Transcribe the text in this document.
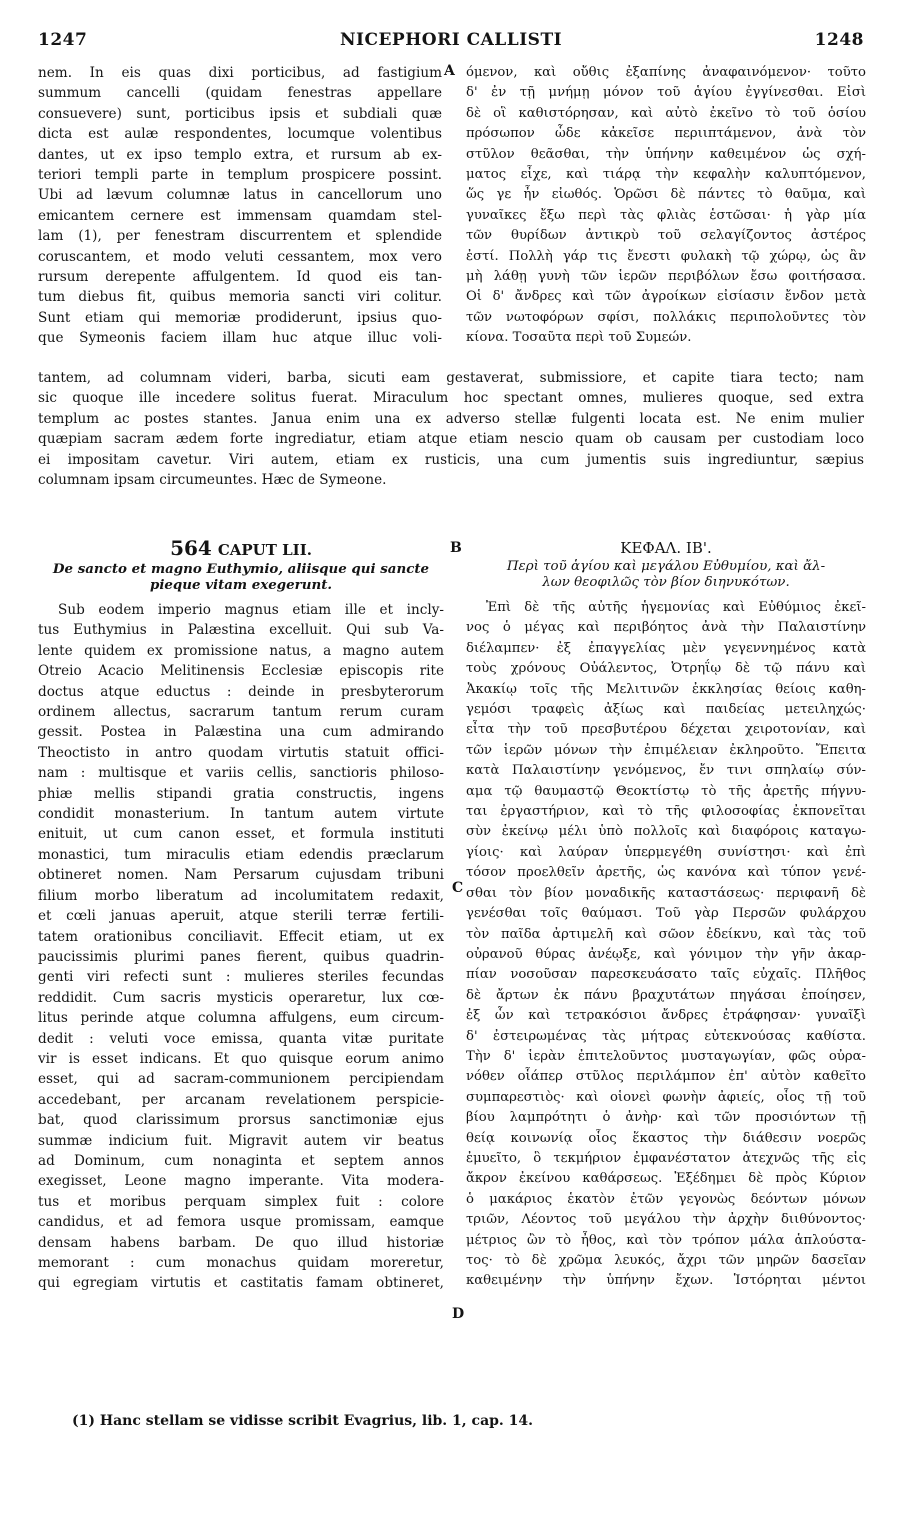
1247	NICEPHORI CALLISTI	1248
A
B
C
D
nem. In eis quas dixi porticibus, ad fastigium
summum cancelli (quidam fenestras appellare
consuevere) sunt, porticibus ipsis et subdiali quæ
dicta est aulæ respondentes, locumque volentibus
dantes, ut ex ipso templo extra, et rursum ab ex-
teriori templi parte in templum prospicere possint.
Ubi ad lævum columnæ latus in cancellorum uno
emicantem cernere est immensam quamdam stel-
lam (1), per fenestram discurrentem et splendide
coruscantem, et modo veluti cessantem, mox vero
rursum derepente affulgentem. Id quod eis tan-
tum diebus fit, quibus memoria sancti viri colitur.
Sunt etiam qui memoriæ prodiderunt, ipsius quo-
que Symeonis faciem illam huc atque illuc voli-
όμενον, καὶ οὔθις ἐξαπίνης ἀναφαινόμενον· τοῦτο
δ' ἐν τῇ μνήμῃ μόνον τοῦ ἁγίου ἐγγίνεσθαι. Εἰσὶ
δὲ οἳ καθιστόρησαν, καὶ αὐτὸ ἐκεῖνο τὸ τοῦ ὁσίου
πρόσωπον ὧδε κἀκεῖσε περιιπτάμενον, ἀνὰ τὸν
στῦλον θεᾶσθαι, τὴν ὑπήνην καθειμένον ὡς σχή-
ματος εἶχε, καὶ τιάρᾳ τὴν κεφαλὴν καλυπτόμενον,
ὥς γε ἦν εἰωθός. Ὁρῶσι δὲ πάντες τὸ θαῦμα, καὶ
γυναῖκες ἔξω περὶ τὰς φλιὰς ἑστῶσαι· ἡ γὰρ μία
τῶν θυρίδων ἀντικρὺ τοῦ σελαγίζοντος ἀστέρος
ἐστί. Πολλὴ γάρ τις ἔνεστι φυλακὴ τῷ χώρῳ, ὡς ἂν
μὴ λάθῃ γυνὴ τῶν ἱερῶν περιβόλων ἔσω φοιτήσασα.
Οἱ δ' ἄνδρες καὶ τῶν ἀγροίκων εἰσίασιν ἔνδον μετὰ
τῶν νωτοφόρων σφίσι, πολλάκις περιπολοῦντες τὸν
κίονα. Τοσαῦτα περὶ τοῦ Συμεών.
tantem, ad columnam videri, barba, sicuti eam gestaverat, submissiore, et capite tiara tecto; nam
sic quoque ille incedere solitus fuerat. Miraculum hoc spectant omnes, mulieres quoque, sed extra
templum ac postes stantes. Janua enim una ex adverso stellæ fulgenti locata est. Ne enim mulier
quæpiam sacram ædem forte ingrediatur, etiam atque etiam nescio quam ob causam per custodiam loco
ei impositam cavetur. Viri autem, etiam ex rusticis, una cum jumentis suis ingrediuntur, sæpius
columnam ipsam circumeuntes. Hæc de Symeone.
564 CAPUT LII.
De sancto et magno Euthymio, aliisque qui sancte
pieque vitam exegerunt.
Sub eodem imperio magnus etiam ille et incly-
tus Euthymius in Palæstina excelluit. Qui sub Va-
lente quidem ex promissione natus, a magno autem
Otreio Acacio Melitinensis Ecclesiæ episcopis rite
doctus atque eductus : deinde in presbyterorum
ordinem allectus, sacrarum tantum rerum curam
gessit. Postea in Palæstina una cum admirando
Theoctisto in antro quodam virtutis statuit offici-
nam : multisque et variis cellis, sanctioris philoso-
phiæ mellis stipandi gratia constructis, ingens
condidit monasterium. In tantum autem virtute
enituit, ut cum canon esset, et formula instituti
monastici, tum miraculis etiam edendis præclarum
obtineret nomen. Nam Persarum cujusdam tribuni
filium morbo liberatum ad incolumitatem redaxit,
et cœli januas aperuit, atque sterili terræ fertili-
tatem orationibus conciliavit. Effecit etiam, ut ex
paucissimis plurimi panes fierent, quibus quadrin-
genti viri refecti sunt : mulieres steriles fecundas
reddidit. Cum sacris mysticis operaretur, lux cœ-
litus perinde atque columna affulgens, eum circum-
dedit : veluti voce emissa, quanta vitæ puritate
vir is esset indicans. Et quo quisque eorum animo
esset, qui ad sacram-communionem percipiendam
accedebant, per arcanam revelationem perspicie-
bat, quod clarissimum prorsus sanctimoniæ ejus
summæ indicium fuit. Migravit autem vir beatus
ad Dominum, cum nonaginta et septem annos
exegisset, Leone magno imperante. Vita modera-
tus et moribus perquam simplex fuit : colore
candidus, et ad femora usque promissam, eamque
densam habens barbam. De quo illud historiæ
memorant : cum monachus quidam moreretur,
qui egregiam virtutis et castitatis famam obtineret,
ΚΕΦΑΛ. ΙΒ'.
Περὶ τοῦ ἁγίου καὶ μεγάλου Εὐθυμίου, καὶ ἄλ-
λων θεοφιλῶς τὸν βίον διηνυκότων.
Ἐπὶ δὲ τῆς αὐτῆς ἡγεμονίας καὶ Εὐθύμιος ἐκεῖ-
νος ὁ μέγας καὶ περιβόητος ἀνὰ τὴν Παλαιστίνην
διέλαμπεν· ἐξ ἐπαγγελίας μὲν γεγεννημένος κατὰ
τοὺς χρόνους Οὐάλεντος, Ὀτρηΐῳ δὲ τῷ πάνυ καὶ
Ἀκακίῳ τοῖς τῆς Μελιτινῶν ἐκκλησίας θείοις καθη-
γεμόσι τραφεὶς ἀξίως καὶ παιδείας μετειληχώς·
εἶτα τὴν τοῦ πρεσβυτέρου δέχεται χειροτονίαν, καὶ
τῶν ἱερῶν μόνων τὴν ἐπιμέλειαν ἐκληροῦτο. Ἔπειτα
κατὰ Παλαιστίνην γενόμενος, ἔν τινι σπηλαίῳ σύν-
αμα τῷ θαυμαστῷ Θεοκτίστῳ τὸ τῆς ἀρετῆς πήγνυ-
ται ἐργαστήριον, καὶ τὸ τῆς φιλοσοφίας ἐκπονεῖται
σὺν ἐκείνῳ μέλι ὑπὸ πολλοῖς καὶ διαφόροις καταγω-
γίοις· καὶ λαύραν ὑπερμεγέθη συνίστησι· καὶ ἐπὶ
τόσον προελθεῖν ἀρετῆς, ὡς κανόνα καὶ τύπον γενέ-
σθαι τὸν βίον μοναδικῆς καταστάσεως· περιφανῆ δὲ
γενέσθαι τοῖς θαύμασι. Τοῦ γὰρ Περσῶν φυλάρχου
τὸν παῖδα ἀρτιμελῆ καὶ σῶον ἐδείκνυ, καὶ τὰς τοῦ
οὐρανοῦ θύρας ἀνέῳξε, καὶ γόνιμον τὴν γῆν ἀκαρ-
πίαν νοσοῦσαν παρεσκευάσατο ταῖς εὐχαῖς. Πλῆθος
δὲ ἄρτων ἐκ πάνυ βραχυτάτων πηγάσαι ἐποίησεν,
ἐξ ὧν καὶ τετρακόσιοι ἄνδρες ἐτράφησαν· γυναῖξὶ
δ' ἐστειρωμένας τὰς μήτρας εὐτεκνούσας καθίστα.
Τὴν δ' ἱερὰν ἐπιτελοῦντος μυσταγωγίαν, φῶς οὐρα-
νόθεν οἷάπερ στῦλος περιλάμπον ἐπ' αὐτὸν καθεῖτο
συμπαρεστιὸς· καὶ οἱονεὶ φωνὴν ἀφιείς, οἷος τῇ τοῦ
βίου λαμπρότητι ὁ ἀνὴρ· καὶ τῶν προσιόντων τῇ
θείᾳ κοινωνίᾳ οἷος ἕκαστος τὴν διάθεσιν νοερῶς
ἐμυεῖτο, ὃ τεκμήριον ἐμφανέστατον ἀτεχνῶς τῆς εἰς
ἄκρον ἐκείνου καθάρσεως. Ἐξέδημει δὲ πρὸς Κύριον
ὁ μακάριος ἑκατὸν ἐτῶν γεγονὼς δεόντων μόνων
τριῶν, Λέοντος τοῦ μεγάλου τὴν ἀρχὴν διιθύνοντος·
μέτριος ὢν τὸ ἦθος, καὶ τὸν τρόπον μάλα ἁπλούστα-
τος· τὸ δὲ χρῶμα λευκός, ἄχρι τῶν μηρῶν δασεῖαν
καθειμένην τὴν ὑπήνην ἔχων. Ἱστόρηται μέντοι
(1) Hanc stellam se vidisse scribit Evagrius, lib. 1, cap. 14.
